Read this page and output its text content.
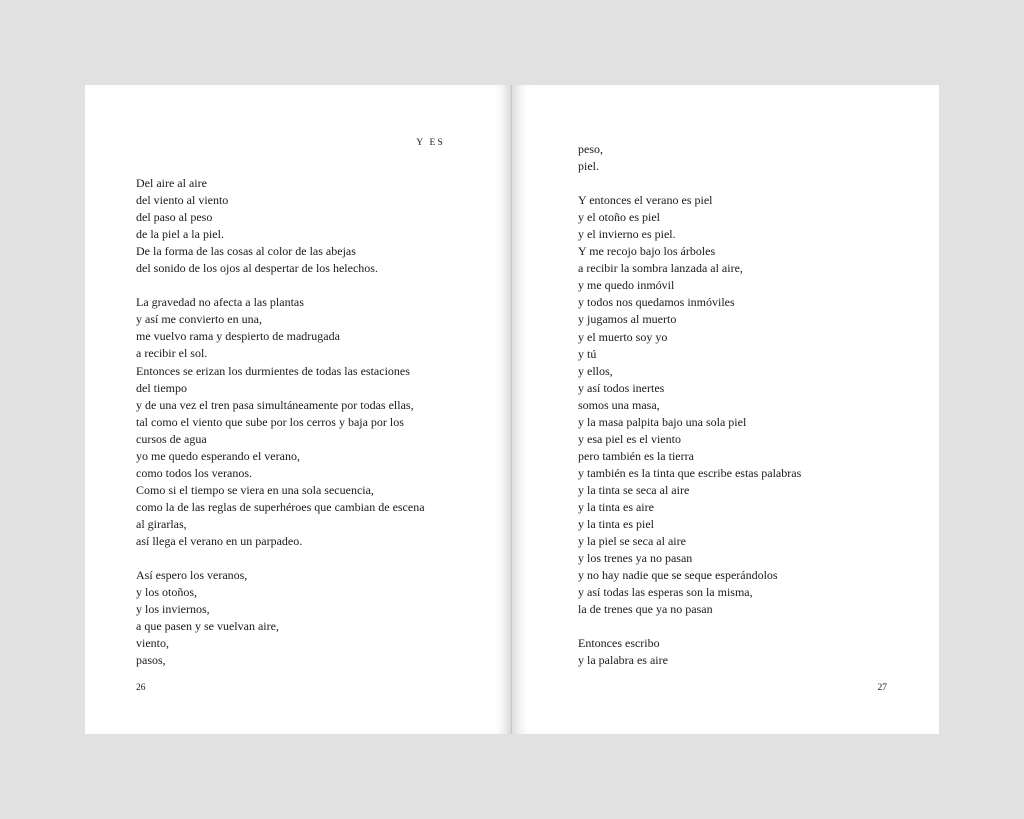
Y ES
Del aire al aire
del viento al viento
del paso al peso
de la piel a la piel.
De la forma de las cosas al color de las abejas
del sonido de los ojos al despertar de los helechos.
La gravedad no afecta a las plantas
y así me convierto en una,
me vuelvo rama y despierto de madrugada
a recibir el sol.
Entonces se erizan los durmientes de todas las estaciones
del tiempo
y de una vez el tren pasa simultáneamente por todas ellas,
tal como el viento que sube por los cerros y baja por los
cursos de agua
yo me quedo esperando el verano,
como todos los veranos.
Como si el tiempo se viera en una sola secuencia,
como la de las reglas de superhéroes que cambian de escena
al girarlas,
así llega el verano en un parpadeo.
Así espero los veranos,
y los otoños,
y los inviernos,
a que pasen y se vuelvan aire,
viento,
pasos,
26
peso,
piel.
Y entonces el verano es piel
y el otoño es piel
y el invierno es piel.
Y me recojo bajo los árboles
a recibir la sombra lanzada al aire,
y me quedo inmóvil
y todos nos quedamos inmóviles
y jugamos al muerto
y el muerto soy yo
y tú
y ellos,
y así todos inertes
somos una masa,
y la masa palpita bajo una sola piel
y esa piel es el viento
pero también es la tierra
y también es la tinta que escribe estas palabras
y la tinta se seca al aire
y la tinta es aire
y la tinta es piel
y la piel se seca al aire
y los trenes ya no pasan
y no hay nadie que se seque esperándolos
y así todas las esperas son la misma,
la de trenes que ya no pasan
Entonces escribo
y la palabra es aire
27
